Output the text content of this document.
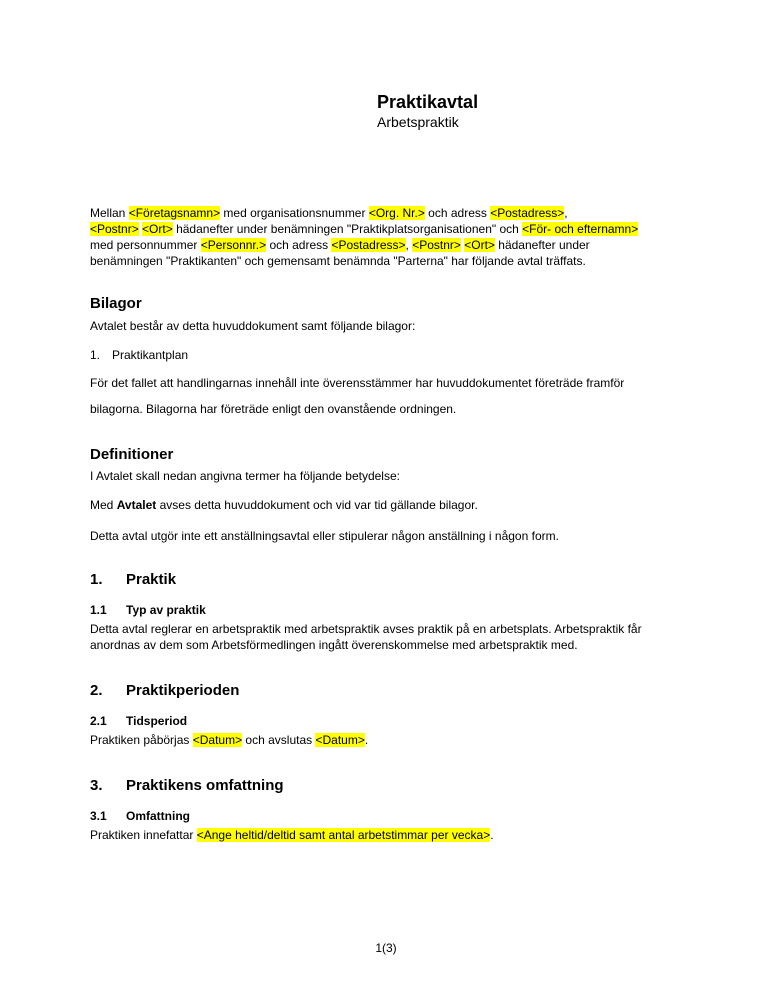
Praktikavtal
Arbetspraktik

Mellan <Företagsnamn> med organisationsnummer <Org. Nr.> och adress <Postadress>,

<Postnr> <Ort> hädanefter under benämningen "Praktikplatsorganisationen" och <För- och efternamn>

med personnummer <Personnr.> och adress <Postadress>, <Postnr> <Ort> hädanefter under

benämningen "Praktikanten" och gemensamt benämnda "Parterna" har följande avtal träffats.

Bilagor
Avtalet består av detta huvuddokument samt följande bilagor:
1. Praktikantplan
För det fallet att handlingarnas innehåll inte överensstämmer har huvuddokumentet företräde framför
bilagorna. Bilagorna har företräde enligt den ovanstående ordningen.
Definitioner
I Avtalet skall nedan angivna termer ha följande betydelse:
Med Avtalet avses detta huvuddokument och vid var tid gällande bilagor.
Detta avtal utgör inte ett anställningsavtal eller stipulerar någon anställning i någon form.
1. Praktik
1.1 Typ av praktik
Detta avtal reglerar en arbetspraktik med arbetspraktik avses praktik på en arbetsplats. Arbetspraktik får
anordnas av dem som Arbetsförmedlingen ingått överenskommelse med arbetspraktik med.
2. Praktikperioden
2.1 Tidsperiod
Praktiken påbörjas <Datum> och avslutas <Datum>.
3. Praktikens omfattning
3.1 Omfattning
Praktiken innefattar <Ange heltid/deltid samt antal arbetstimmar per vecka>.
1(3)
